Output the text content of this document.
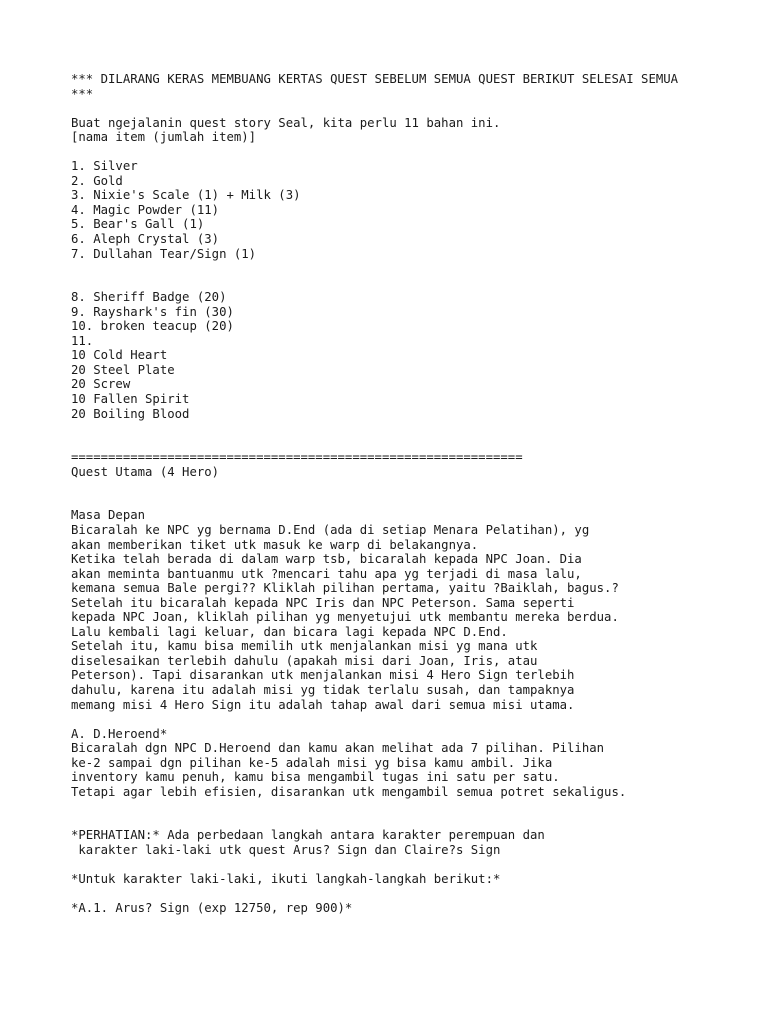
*** DILARANG KERAS MEMBUANG KERTAS QUEST SEBELUM SEMUA QUEST BERIKUT SELESAI SEMUA
***
Buat ngejalanin quest story Seal, kita perlu 11 bahan ini.
[nama item (jumlah item)]
1. Silver
2. Gold
3. Nixie's Scale (1) + Milk (3)
4. Magic Powder (11)
5. Bear's Gall (1)
6. Aleph Crystal (3)
7. Dullahan Tear/Sign (1)
8. Sheriff Badge (20)
9. Rayshark's fin (30)
10. broken teacup (20)
11.
10 Cold Heart
20 Steel Plate
20 Screw
10 Fallen Spirit
20 Boiling Blood
=============================================================
Quest Utama (4 Hero)
Masa Depan
Bicaralah ke NPC yg bernama D.End (ada di setiap Menara Pelatihan), yg
akan memberikan tiket utk masuk ke warp di belakangnya.
Ketika telah berada di dalam warp tsb, bicaralah kepada NPC Joan. Dia
akan meminta bantuanmu utk ?mencari tahu apa yg terjadi di masa lalu,
kemana semua Bale pergi?? Kliklah pilihan pertama, yaitu ?Baiklah, bagus.?
Setelah itu bicaralah kepada NPC Iris dan NPC Peterson. Sama seperti
kepada NPC Joan, kliklah pilihan yg menyetujui utk membantu mereka berdua.
Lalu kembali lagi keluar, dan bicara lagi kepada NPC D.End.
Setelah itu, kamu bisa memilih utk menjalankan misi yg mana utk
diselesaikan terlebih dahulu (apakah misi dari Joan, Iris, atau
Peterson). Tapi disarankan utk menjalankan misi 4 Hero Sign terlebih
dahulu, karena itu adalah misi yg tidak terlalu susah, dan tampaknya
memang misi 4 Hero Sign itu adalah tahap awal dari semua misi utama.
A. D.Heroend*
Bicaralah dgn NPC D.Heroend dan kamu akan melihat ada 7 pilihan. Pilihan
ke-2 sampai dgn pilihan ke-5 adalah misi yg bisa kamu ambil. Jika
inventory kamu penuh, kamu bisa mengambil tugas ini satu per satu.
Tetapi agar lebih efisien, disarankan utk mengambil semua potret sekaligus.
*PERHATIAN:* Ada perbedaan langkah antara karakter perempuan dan
karakter laki-laki utk quest Arus? Sign dan Claire?s Sign
*Untuk karakter laki-laki, ikuti langkah-langkah berikut:*
*A.1. Arus? Sign (exp 12750, rep 900)*
